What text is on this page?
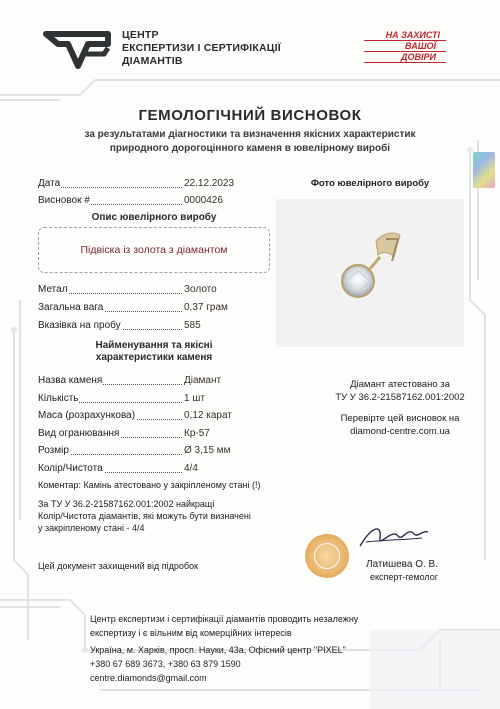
ЦЕНТР
ЕКСПЕРТИЗИ І СЕРТИФІКАЦІЇ
ДІАМАНТІВ
НА ЗАХИСТІ
ВАШОЇ
ДОВІРИ
ГЕМОЛОГІЧНИЙ ВИСНОВОК
за результатами діагностики та визначення якісних характеристик
природного дорогоцінного каменя в ювелірному виробі
Дата	22.12.2023
Висновок #	0000426
Опис ювелірного виробу
Підвіска із золота з діамантом
Метал	Золото
Загальна вага	0,37 грам
Вказівка на пробу	585
Фото ювелірного виробу
Найменування та якісні
характеристики каменя
Назва каменя	Діамант
Кількість	1 шт
Маса (розрахункова)	0,12 карат
Вид огранювання	Кр-57
Розмір	Ø 3,15 мм
Колір/Чистота	4/4
Коментар: Камінь атестовано у закріпленому стані (!)
Діамант атестовано за
ТУ У 36.2-21587162.001:2002
Перевірте цей висновок на
diamond-centre.com.ua
За ТУ У 36.2-21587162.001:2002 найкращі
Колір/Чистота діамантів, які можуть бути визначені
у закріпленому стані - 4/4
Цей документ захищений від підробок	Латишева О. В.
експерт-гемолог
Центр експертизи і сертифікації діамантів проводить незалежну
експертизу і є вільним від комерційних інтересів
Україна, м. Харків, просп. Науки, 43а, Офісний центр "PIXEL"
+380 67 689 3673, +380 63 879 1590
centre.diamonds@gmail.com
